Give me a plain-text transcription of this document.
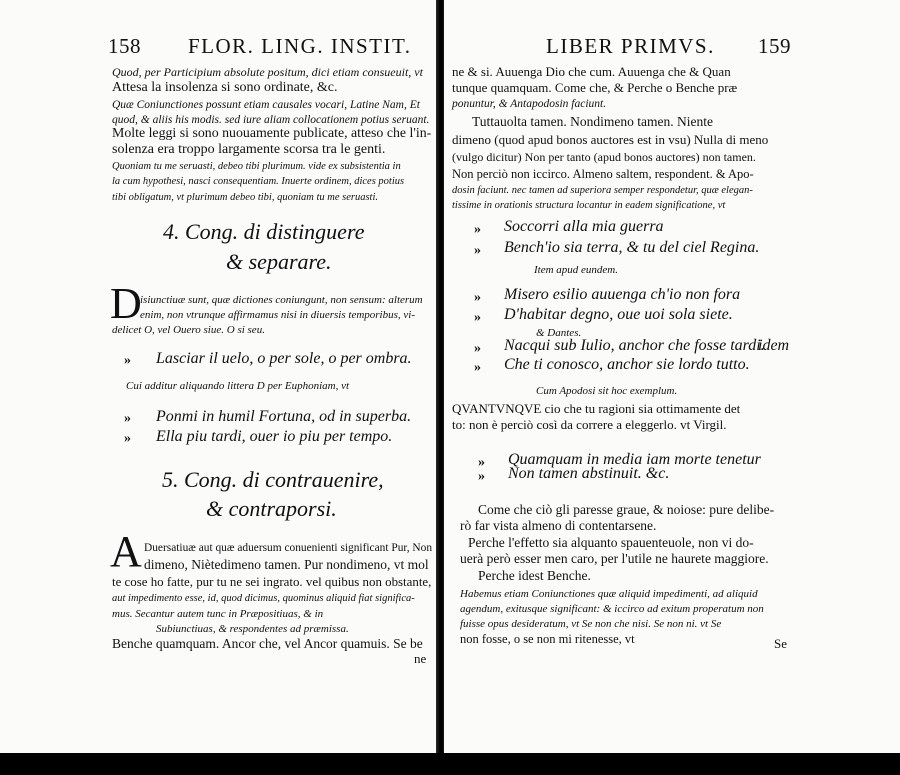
158 FLOR. LING. INSTIT.
Quod, per Participium absolute positum, dici etiam consueuit, vt
Attesa la insolenza si sono ordinate, &c.
Quæ Coniunctiones possunt etiam causales vocari, Latine Nam, Et
quod, & aliis his modis. sed iure aliam collocationem potius seruant.
Molte leggi si sono nuouamente publicate, atteso che l'in-
solenza era troppo largamente scorsa tra le genti.
Quoniam tu me seruasti, debeo tibi plurimum. vide ex subsistentia in
la cum hypothesi, nasci consequentiam. Inuerte ordinem, dices potius
tibi obligatum, vt plurimum debeo tibi, quoniam tu me seruasti.
4. Cong. di distinguere
& separare.
D
isiunctiuæ sunt, quæ dictiones coniungunt, non sensum: alterum
enim, non vtrunque affirmamus nisi in diuersis temporibus, vi-
delicet O, vel Ouero siue. O si seu.
» Lasciar il uelo, o per sole, o per ombra.
Cui additur aliquando littera D per Euphoniam, vt
» Ponmi in humil Fortuna, od in superba.
» Ella piu tardi, ouer io piu per tempo.
5. Cong. di contrauenire,
& contraporsi.
A Duersatiuæ aut quæ aduersum conuenienti significant Pur, Non
dimeno, Niètedimeno tamen. Pur nondimeno, vt mol
te cose ho fatte, pur tu ne sei ingrato. vel quibus non obstante,
aut impedimento esse, id, quod dicimus, quominus aliquid fiat significa-
mus. Secantur autem tunc in Præpositiuas, & in
Subiunctiuas, & respondentes ad præmissa.
Benche quamquam. Ancor che, vel Ancor quamuis. Se be
ne
LIBER PRIMVS. 159
ne & si. Auuenga Dio che cum. Auuenga che & Quan
tunque quamquam. Come che, & Perche o Benche præ
ponuntur, & Antapodosin faciunt.
Tuttauolta tamen. Nondimeno tamen. Niente
dimeno (quod apud bonos auctores est in vsu) Nulla di meno
(vulgo dicitur) Non per tanto (apud bonos auctores) non tamen.
Non perciò non iccirco. Almeno saltem, respondent. & Apo-
dosin faciunt. nec tamen ad superiora semper respondetur, quæ elegan-
tissime in orationis structura locantur in eadem significatione, vt
» Soccorri alla mia guerra
» Bench'io sia terra, & tu del ciel Regina.
Item apud eundem.
» Misero esilio auuenga ch'io non fora
» D'habitar degno, oue uoi sola siete.
& Dantes.
» Nacqui sub Iulio, anchor che fosse tardi.
idem
» Che ti conosco, anchor sie lordo tutto.
Cum Apodosi sit hoc exemplum.
QVANTVNQVE cio che tu ragioni sia ottimamente det
to: non è perciò così da correre a eleggerlo. vt Virgil.
» Quamquam in media iam morte tenetur
» Non tamen abstinuit. &c.
Come che ciò gli paresse graue, & noiose: pure delibe-
rò far vista almeno di contentarsene.
Perche l'effetto sia alquanto spauenteuole, non vi do-
uerà però esser men caro, per l'utile ne haurete maggiore.
Perche idest Benche.
Habemus etiam Coniunctiones quæ aliquid impedimenti, ad aliquid
agendum, exitusque significant: & iccirco ad exitum properatum non
fuisse opus desideratum, vt Se non che nisi. Se non ni. vt Se
non fosse, o se non mi ritenesse, vt	Se
